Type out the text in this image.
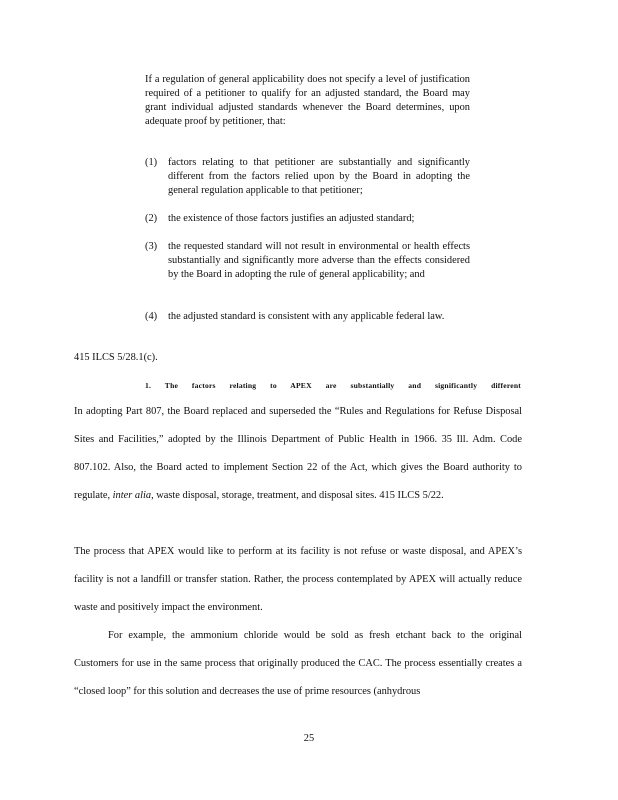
If a regulation of general applicability does not specify a level of justification required of a petitioner to qualify for an adjusted standard, the Board may grant individual adjusted standards whenever the Board determines, upon adequate proof by petitioner, that:
(1) factors relating to that petitioner are substantially and significantly different from the factors relied upon by the Board in adopting the general regulation applicable to that petitioner;
(2) the existence of those factors justifies an adjusted standard;
(3) the requested standard will not result in environmental or health effects substantially and significantly more adverse than the effects considered by the Board in adopting the rule of general applicability; and
(4) the adjusted standard is consistent with any applicable federal law.
415 ILCS 5/28.1(c).
1. The factors relating to APEX are substantially and significantly different

In adopting Part 807, the Board replaced and superseded the “Rules and Regulations for Refuse Disposal Sites and Facilities,” adopted by the Illinois Department of Public Health in 1966. 35 Ill. Adm. Code 807.102. Also, the Board acted to implement Section 22 of the Act, which gives the Board authority to regulate, inter alia, waste disposal, storage, treatment, and disposal sites. 415 ILCS 5/22.

The process that APEX would like to perform at its facility is not refuse or waste disposal, and APEX’s facility is not a landfill or transfer station. Rather, the process contemplated by APEX will actually reduce waste and positively impact the environment.

For example, the ammonium chloride would be sold as fresh etchant back to the original Customers for use in the same process that originally produced the CAC. The process essentially creates a “closed loop” for this solution and decreases the use of prime resources (anhydrous

25
